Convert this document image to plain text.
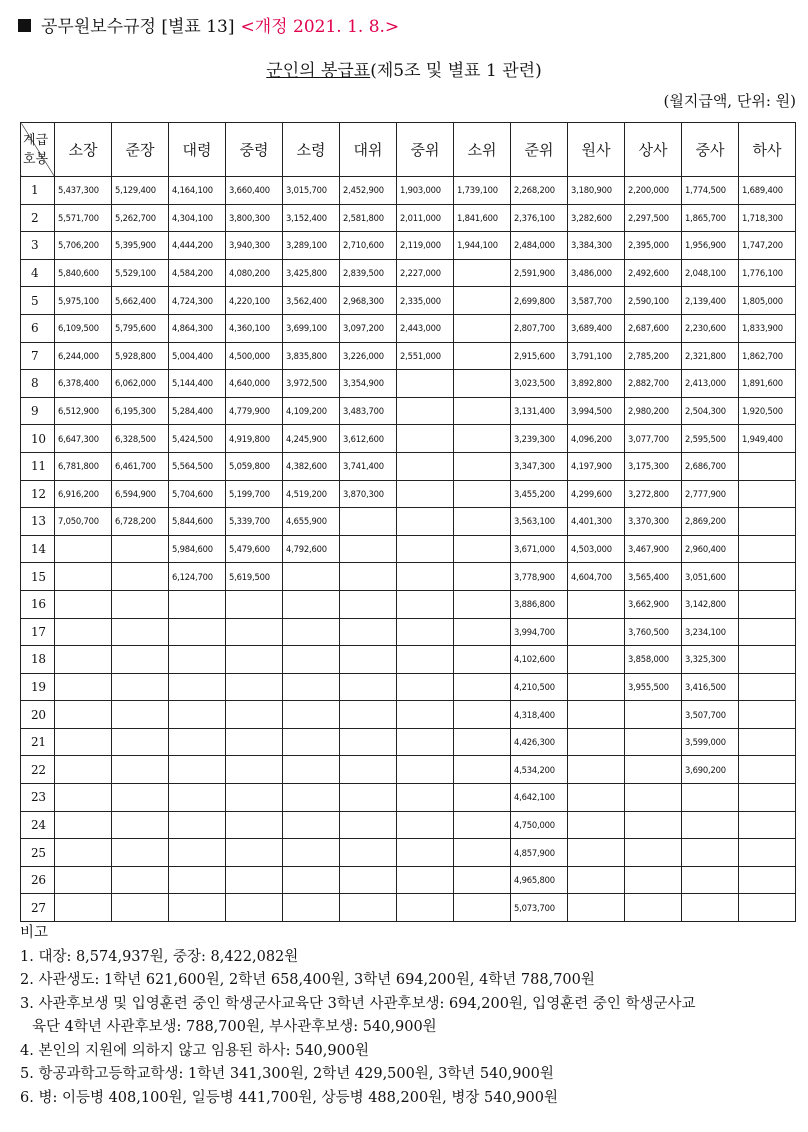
공무원보수규정 [별표 13] <개정 2021. 1. 8.>
군인의 봉급표(제5조 및 별표 1 관련)
(월지급액, 단위: 원)
계급
호봉	소장	준장	대령	중령	소령	대위	중위	소위	준위	원사	상사	중사	하사
1	5,437,300	5,129,400	4,164,100	3,660,400	3,015,700	2,452,900	1,903,000	1,739,100	2,268,200	3,180,900	2,200,000	1,774,500	1,689,400
2	5,571,700	5,262,700	4,304,100	3,800,300	3,152,400	2,581,800	2,011,000	1,841,600	2,376,100	3,282,600	2,297,500	1,865,700	1,718,300
3	5,706,200	5,395,900	4,444,200	3,940,300	3,289,100	2,710,600	2,119,000	1,944,100	2,484,000	3,384,300	2,395,000	1,956,900	1,747,200
4	5,840,600	5,529,100	4,584,200	4,080,200	3,425,800	2,839,500	2,227,000		2,591,900	3,486,000	2,492,600	2,048,100	1,776,100
5	5,975,100	5,662,400	4,724,300	4,220,100	3,562,400	2,968,300	2,335,000		2,699,800	3,587,700	2,590,100	2,139,400	1,805,000
6	6,109,500	5,795,600	4,864,300	4,360,100	3,699,100	3,097,200	2,443,000		2,807,700	3,689,400	2,687,600	2,230,600	1,833,900
7	6,244,000	5,928,800	5,004,400	4,500,000	3,835,800	3,226,000	2,551,000		2,915,600	3,791,100	2,785,200	2,321,800	1,862,700
8	6,378,400	6,062,000	5,144,400	4,640,000	3,972,500	3,354,900			3,023,500	3,892,800	2,882,700	2,413,000	1,891,600
9	6,512,900	6,195,300	5,284,400	4,779,900	4,109,200	3,483,700			3,131,400	3,994,500	2,980,200	2,504,300	1,920,500
10	6,647,300	6,328,500	5,424,500	4,919,800	4,245,900	3,612,600			3,239,300	4,096,200	3,077,700	2,595,500	1,949,400
11	6,781,800	6,461,700	5,564,500	5,059,800	4,382,600	3,741,400			3,347,300	4,197,900	3,175,300	2,686,700	
12	6,916,200	6,594,900	5,704,600	5,199,700	4,519,200	3,870,300			3,455,200	4,299,600	3,272,800	2,777,900	
13	7,050,700	6,728,200	5,844,600	5,339,700	4,655,900				3,563,100	4,401,300	3,370,300	2,869,200	
14			5,984,600	5,479,600	4,792,600				3,671,000	4,503,000	3,467,900	2,960,400	
15			6,124,700	5,619,500					3,778,900	4,604,700	3,565,400	3,051,600	
16									3,886,800		3,662,900	3,142,800	
17									3,994,700		3,760,500	3,234,100	
18									4,102,600		3,858,000	3,325,300	
19									4,210,500		3,955,500	3,416,500	
20									4,318,400			3,507,700	
21									4,426,300			3,599,000	
22									4,534,200			3,690,200	
23									4,642,100				
24									4,750,000				
25									4,857,900				
26									4,965,800				
27									5,073,700				

비고

1. 대장: 8,574,937원, 중장: 8,422,082원

2. 사관생도: 1학년 621,600원, 2학년 658,400원, 3학년 694,200원, 4학년 788,700원

3. 사관후보생 및 입영훈련 중인 학생군사교육단 3학년 사관후보생: 694,200원, 입영훈련 중인 학생군사교

육단 4학년 사관후보생: 788,700원, 부사관후보생: 540,900원

4. 본인의 지원에 의하지 않고 임용된 하사: 540,900원

5. 항공과학고등학교학생: 1학년 341,300원, 2학년 429,500원, 3학년 540,900원

6. 병: 이등병 408,100원, 일등병 441,700원, 상등병 488,200원, 병장 540,900원
